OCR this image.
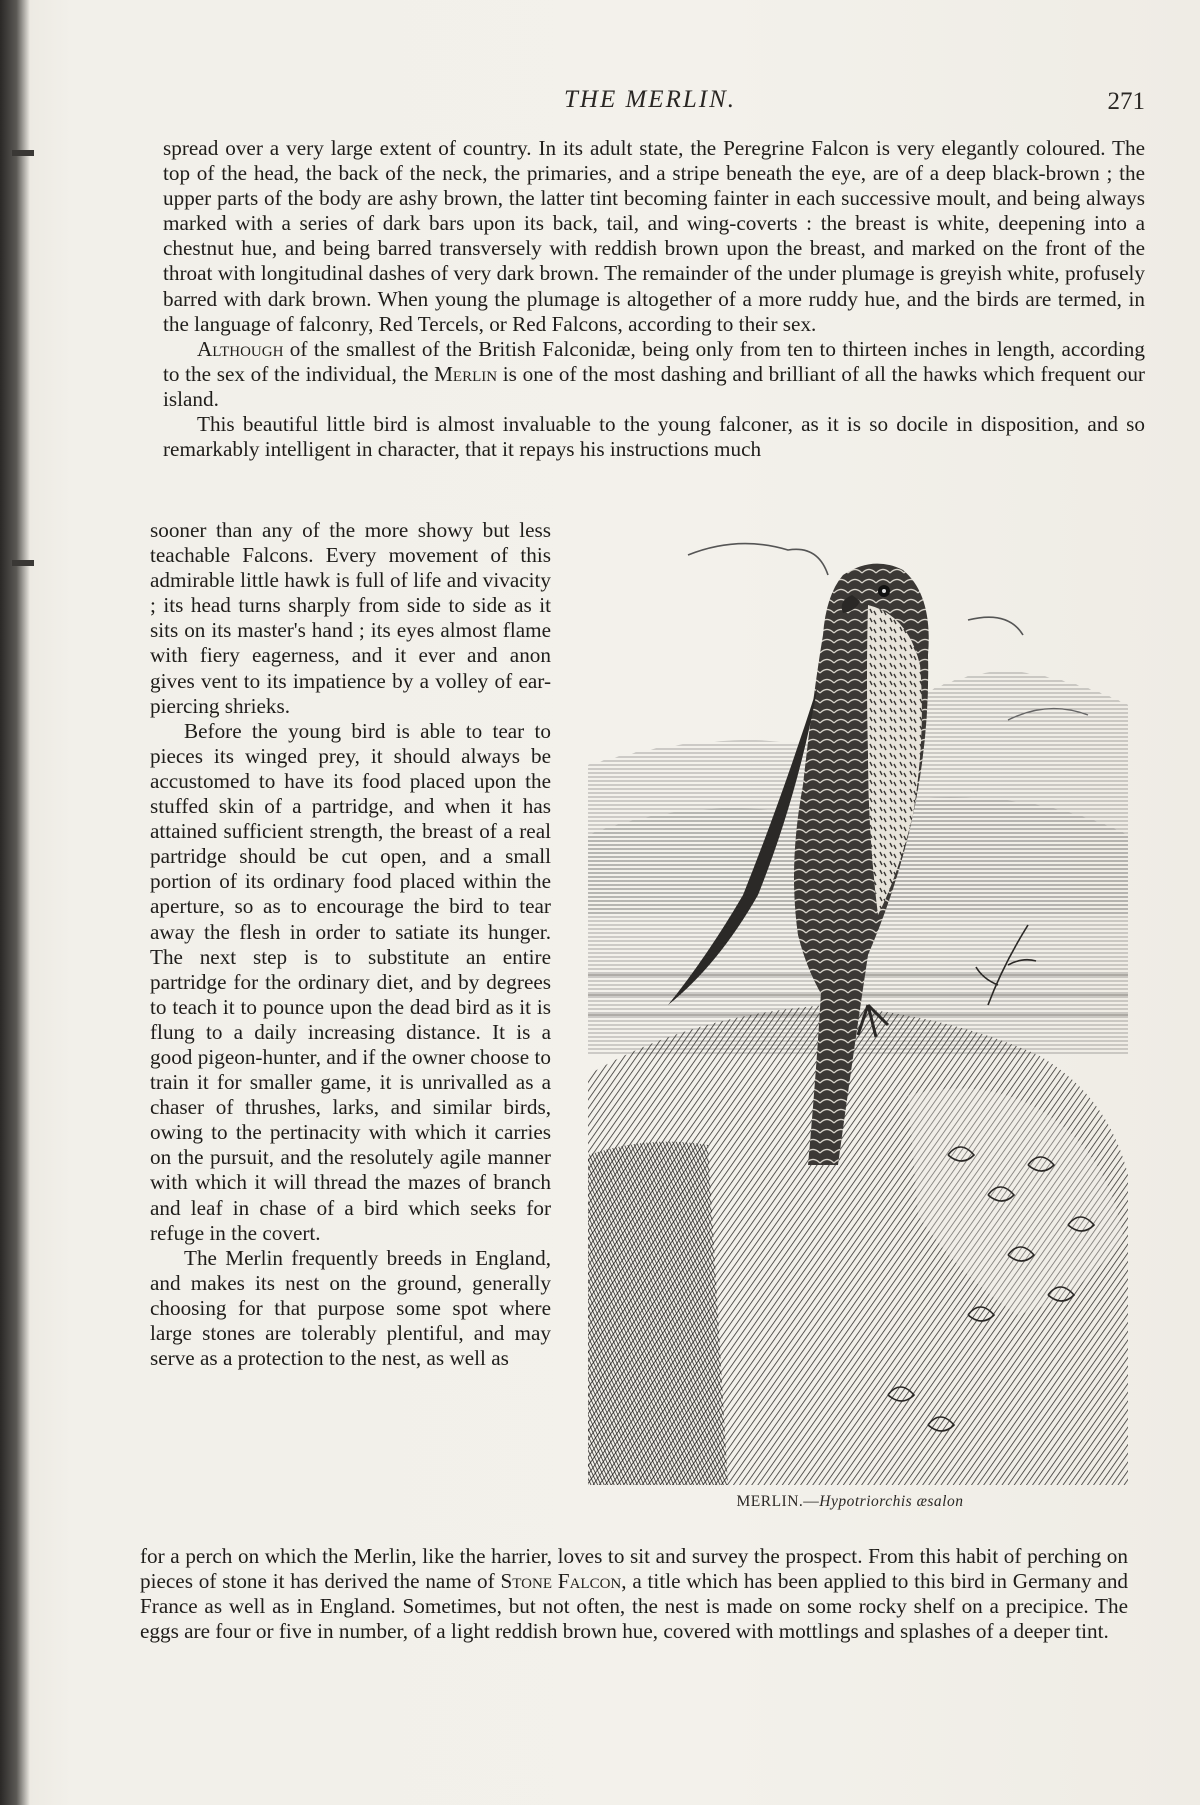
THE MERLIN.	271

spread over a very large extent of country. In its adult state, the Peregrine Falcon is very elegantly coloured. The top of the head, the back of the neck, the primaries, and a stripe beneath the eye, are of a deep black-brown ; the upper parts of the body are ashy brown, the latter tint becoming fainter in each successive moult, and being always marked with a series of dark bars upon its back, tail, and wing-coverts : the breast is white, deepening into a chestnut hue, and being barred transversely with reddish brown upon the breast, and marked on the front of the throat with longitudinal dashes of very dark brown. The remainder of the under plumage is greyish white, profusely barred with dark brown. When young the plumage is altogether of a more ruddy hue, and the birds are termed, in the language of falconry, Red Tercels, or Red Falcons, according to their sex.

Although of the smallest of the British Falconidæ, being only from ten to thirteen inches in length, according to the sex of the individual, the Merlin is one of the most dashing and brilliant of all the hawks which frequent our island.

This beautiful little bird is almost invaluable to the young falconer, as it is so docile in disposition, and so remarkably intelligent in character, that it repays his instructions much

sooner than any of the more showy but less teachable Falcons. Every movement of this admirable little hawk is full of life and vivacity ; its head turns sharply from side to side as it sits on its master's hand ; its eyes almost flame with fiery eagerness, and it ever and anon gives vent to its impatience by a volley of ear-piercing shrieks.

Before the young bird is able to tear to pieces its winged prey, it should always be accustomed to have its food placed upon the stuffed skin of a partridge, and when it has attained sufficient strength, the breast of a real partridge should be cut open, and a small portion of its ordinary food placed within the aperture, so as to encourage the bird to tear away the flesh in order to satiate its hunger. The next step is to substitute an entire partridge for the ordinary diet, and by degrees to teach it to pounce upon the dead bird as it is flung to a daily increasing distance. It is a good pigeon-hunter, and if the owner choose to train it for smaller game, it is unrivalled as a chaser of thrushes, larks, and similar birds, owing to the pertinacity with which it carries on the pursuit, and the resolutely agile manner with which it will thread the mazes of branch and leaf in chase of a bird which seeks for refuge in the covert.

The Merlin frequently breeds in England, and makes its nest on the ground, generally choosing for that purpose some spot where large stones are tolerably plentiful, and may serve as a protection to the nest, as well as

for a perch on which the Merlin, like the harrier, loves to sit and survey the prospect. From this habit of perching on pieces of stone it has derived the name of Stone Falcon, a title which has been applied to this bird in Germany and France as well as in England. Sometimes, but not often, the nest is made on some rocky shelf on a precipice. The eggs are four or five in number, of a light reddish brown hue, covered with mottlings and splashes of a deeper tint.

MERLIN.—Hypotriorchis æsalon
